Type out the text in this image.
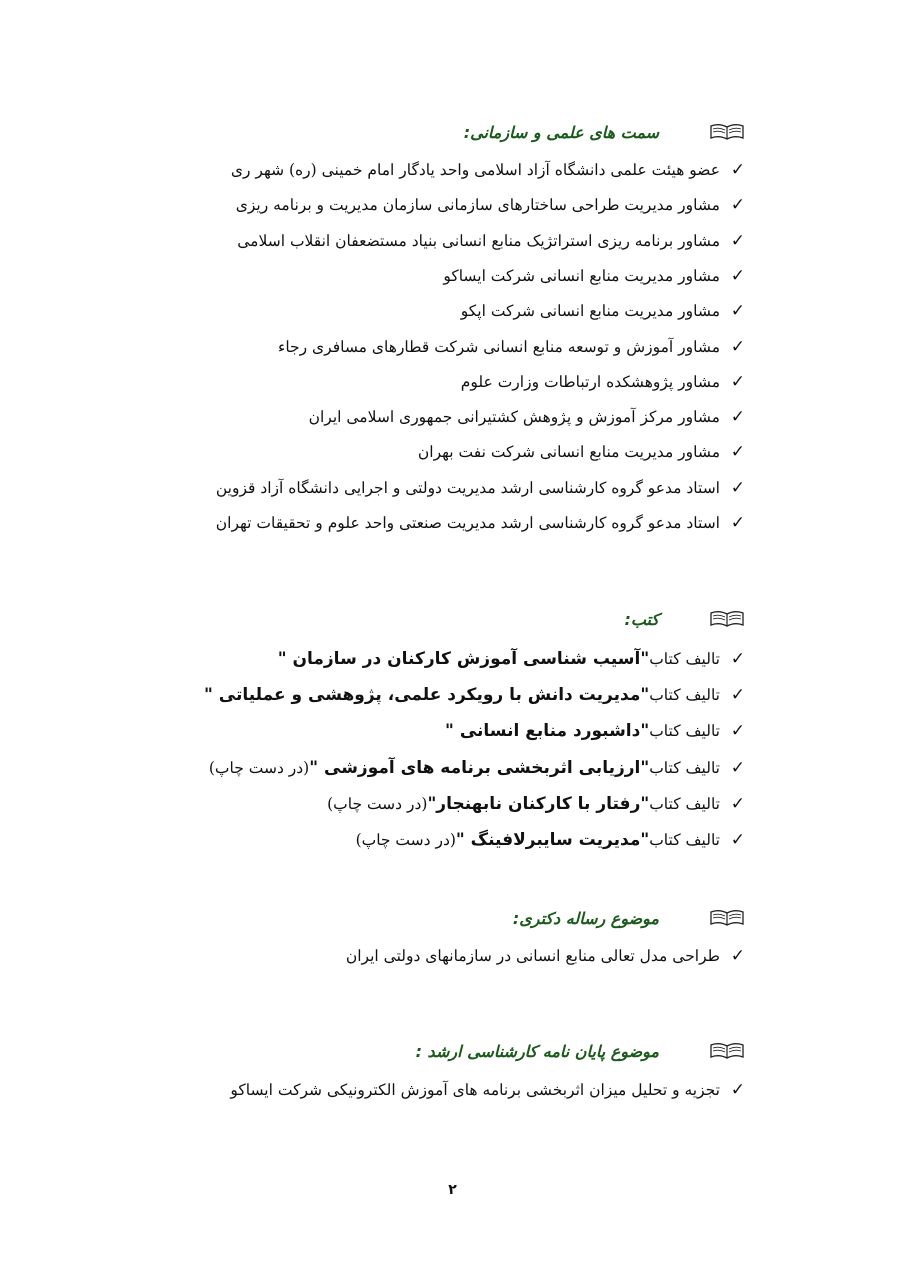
سمت های علمی و سازمانی:
✓
عضو هیئت علمی دانشگاه آزاد اسلامی واحد یادگار امام خمینی (ره) شهر ری
✓
مشاور مدیریت طراحی ساختارهای سازمانی سازمان مدیریت و برنامه ریزی
✓
مشاور برنامه ریزی استراتژیک منابع انسانی بنیاد مستضعفان انقلاب اسلامی
✓
مشاور مدیریت منابع انسانی شرکت ایساکو
✓
مشاور مدیریت منابع انسانی شرکت اپکو
✓
مشاور آموزش و توسعه منابع انسانی شرکت قطارهای مسافری رجاء
✓
مشاور پژوهشکده ارتباطات وزارت علوم
✓
مشاور مرکز آموزش و پژوهش کشتیرانی جمهوری اسلامی ایران
✓
مشاور مدیریت منابع انسانی شرکت نفت بهران
✓
استاد مدعو گروه کارشناسی ارشد مدیریت دولتی و اجرایی دانشگاه آزاد قزوین
✓
استاد مدعو گروه کارشناسی ارشد مدیریت صنعتی واحد علوم و تحقیقات تهران
کتب:
✓
تالیف کتاب"آسیب شناسی آموزش کارکنان در سازمان "
✓
تالیف کتاب"مدیریت دانش با رویکرد علمی، پژوهشی و عملیاتی "
✓
تالیف کتاب"داشبورد منابع انسانی "
✓
تالیف کتاب"ارزیابی اثربخشی برنامه های آموزشی "(در دست چاپ)
✓
تالیف کتاب"رفتار با کارکنان نابهنجار"(در دست چاپ)
✓
تالیف کتاب"مدیریت سایبرلافینگ "(در دست چاپ)
موضوع رساله دکتری:
✓
طراحی مدل تعالی منابع انسانی در سازمانهای دولتی ایران
موضوع پایان نامه کارشناسی ارشد :
✓
تجزیه و تحلیل میزان اثربخشی برنامه های آموزش الکترونیکی شرکت ایساکو
۲
